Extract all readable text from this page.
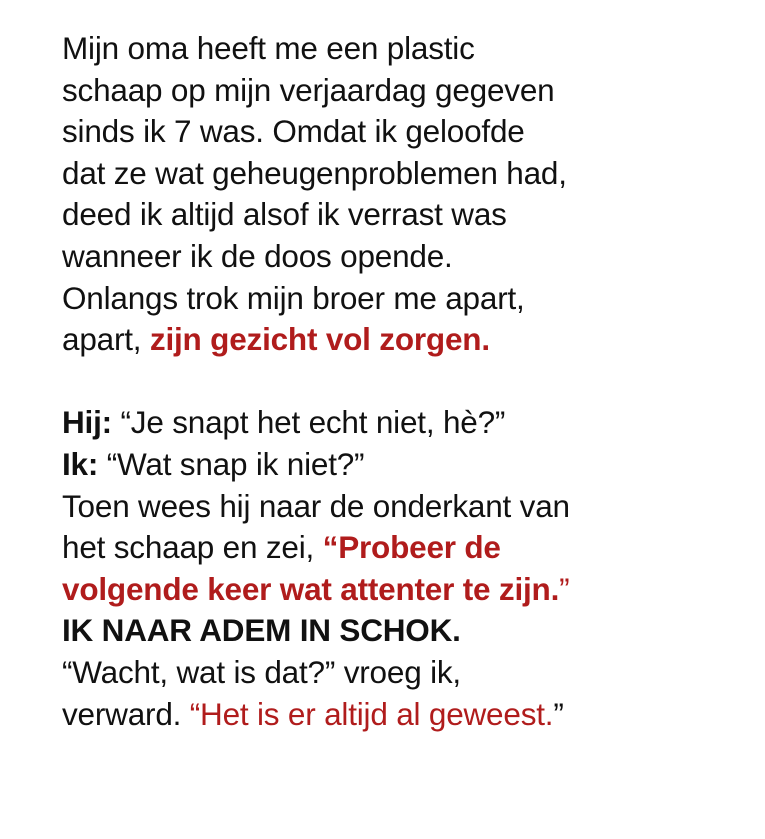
Mijn oma heeft me een plastic
schaap op mijn verjaardag gegeven
sinds ik 7 was. Omdat ik geloofde
dat ze wat geheugenproblemen had,
deed ik altijd alsof ik verrast was
wanneer ik de doos opende.
Onlangs trok mijn broer me apart,
apart, zijn gezicht vol zorgen.
Hij: “Je snapt het echt niet, hè?”
Ik: “Wat snap ik niet?”
Toen wees hij naar de onderkant van
het schaap en zei, “Probeer de
volgende keer wat attenter te zijn.”
IK NAAR ADEM IN SCHOK.
“Wacht, wat is dat?” vroeg ik,
verward. “Het is er altijd al geweest.”
